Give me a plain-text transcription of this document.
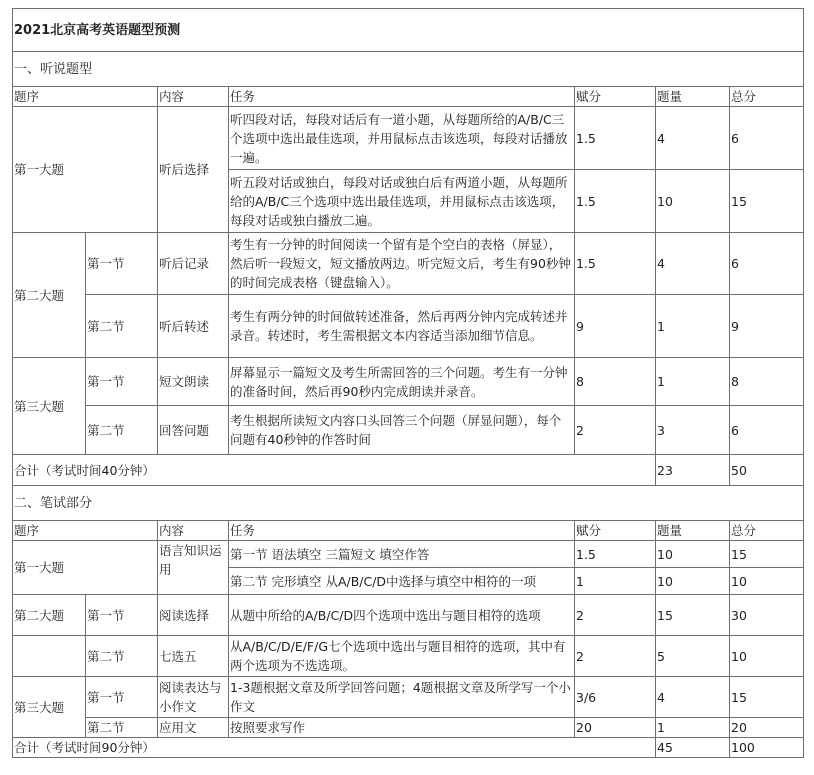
2021北京高考英语题型预测						
一、听说题型						
题序		内容	任务	赋分	题量	总分
第一大题		听后选择	听四段对话，每段对话后有一道小题，从每题所给的A/B/C三个选项中选出最佳选项，并用鼠标点击该选项，每段对话播放一遍。	1.5	4	6
			听五段对话或独白，每段对话或独白后有两道小题，从每题所给的A/B/C三个选项中选出最佳选项，并用鼠标点击该选项，每段对话或独白播放二遍。	1.5	10	15
第二大题	第一节	听后记录	考生有一分钟的时间阅读一个留有是个空白的表格（屏显），然后听一段短文，短文播放两边。听完短文后，考生有90秒钟的时间完成表格（键盘输入）。	1.5	4	6
	第二节	听后转述	考生有两分钟的时间做转述准备，然后再两分钟内完成转述并录音。转述时，考生需根据文本内容适当添加细节信息。	9	1	9
第三大题	第一节	短文朗读	屏幕显示一篇短文及考生所需回答的三个问题。考生有一分钟的准备时间，然后再90秒内完成朗读并录音。	8	1	8
	第二节	回答问题	考生根据所读短文内容口头回答三个问题（屏显问题），每个问题有40秒钟的作答时间	2	3	6
合计（考试时间40分钟）					23	50
二、笔试部分						
题序		内容	任务	赋分	题量	总分
第一大题		语言知识运用	第一节 语法填空 三篇短文 填空作答	1.5	10	15
			第二节 完形填空 从A/B/C/D中选择与填空中相符的一项	1	10	10
第二大题	第一节	阅读选择	从题中所给的A/B/C/D四个选项中选出与题目相符的选项	2	15	30
	第二节	七选五	从A/B/C/D/E/F/G七个选项中选出与题目相符的选项，其中有两个选项为不选选项。	2	5	10
第三大题	第一节	阅读表达与小作文	1-3题根据文章及所学回答问题；4题根据文章及所学写一个小作文	3/6	4	15
	第二节	应用文	按照要求写作	20	1	20
合计（考试时间90分钟）					45	100
